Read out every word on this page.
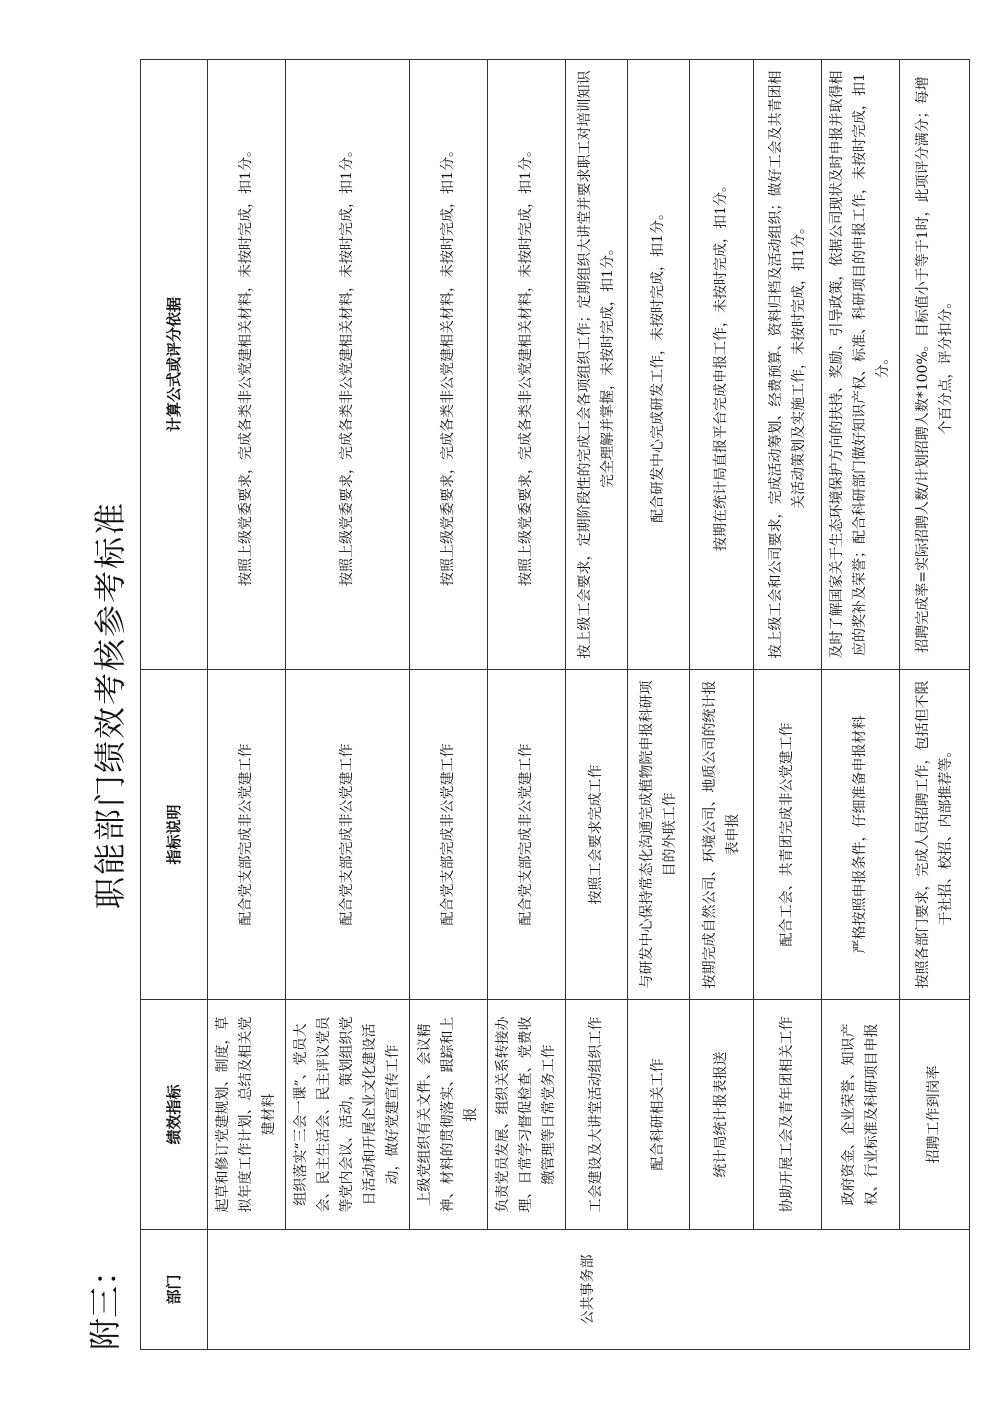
职能部门绩效考核参考标准
附三：	部门	绩效指标	指标说明	计算公式或评分依据
公共事务部	起草和修订党建规划、制度，草拟年度工作计划、总结及相关党建材料	配合党支部完成非公党建工作	按照上级党委要求，完成各类非公党建相关材料，未按时完成，扣1分。
	组织落实“三会一课”、党员大会、民主生活会、民主评议党员等党内会议、活动，策划组织党日活动和开展企业文化建设活动，做好党建宣传工作	配合党支部完成非公党建工作	按照上级党委要求，完成各类非公党建相关材料，未按时完成，扣1分。
	上级党组织有关文件、会议精神、材料的贯彻落实、跟踪和上报	配合党支部完成非公党建工作	按照上级党委要求，完成各类非公党建相关材料，未按时完成，扣1分。
	负责党员发展、组织关系转接办理、日常学习督促检查、党费收缴管理等日常党务工作	配合党支部完成非公党建工作	按照上级党委要求，完成各类非公党建相关材料，未按时完成，扣1分。
	工会建设及大讲堂活动组织工作	按照工会要求完成工作	按上级工会要求，定期阶段性的完成工会各项组织工作；定期组织大讲堂并要求职工对培训知识完全理解并掌握，未按时完成，扣1分。
	配合科研相关工作	与研发中心保持常态化沟通完成植物院申报科研项目的外联工作	配合研发中心完成研发工作，未按时完成，扣1分。
	统计局统计报表报送	按期完成自然公司、环境公司、地质公司的统计报表申报	按期在统计局直报平台完成申报工作，未按时完成，扣1分。
	协助开展工会及青年团相关工作	配合工会、共青团完成非公党建工作	按上级工会和公司要求，完成活动筹划、经费预算、资料归档及活动组织；做好工会及共青团相关活动策划及实施工作，未按时完成，扣1分。
	政府资金、企业荣誉、知识产权、行业标准及科研项目申报	严格按照申报条件，仔细准备申报材料	及时了解国家关于生态环境保护方向的扶持、奖励、引导政策，依据公司现状及时申报并取得相应的奖补及荣誉；配合科研部门做好知识产权、标准、科研项目的申报工作，未按时完成，扣1分。
	招聘工作到岗率	按照各部门要求，完成人员招聘工作，包括但不限于社招、校招、内部推荐等。	招聘完成率=实际招聘人数/计划招聘人数*100%。目标值小于等于1时，此项评分满分；每增个百分点，评分扣分。
